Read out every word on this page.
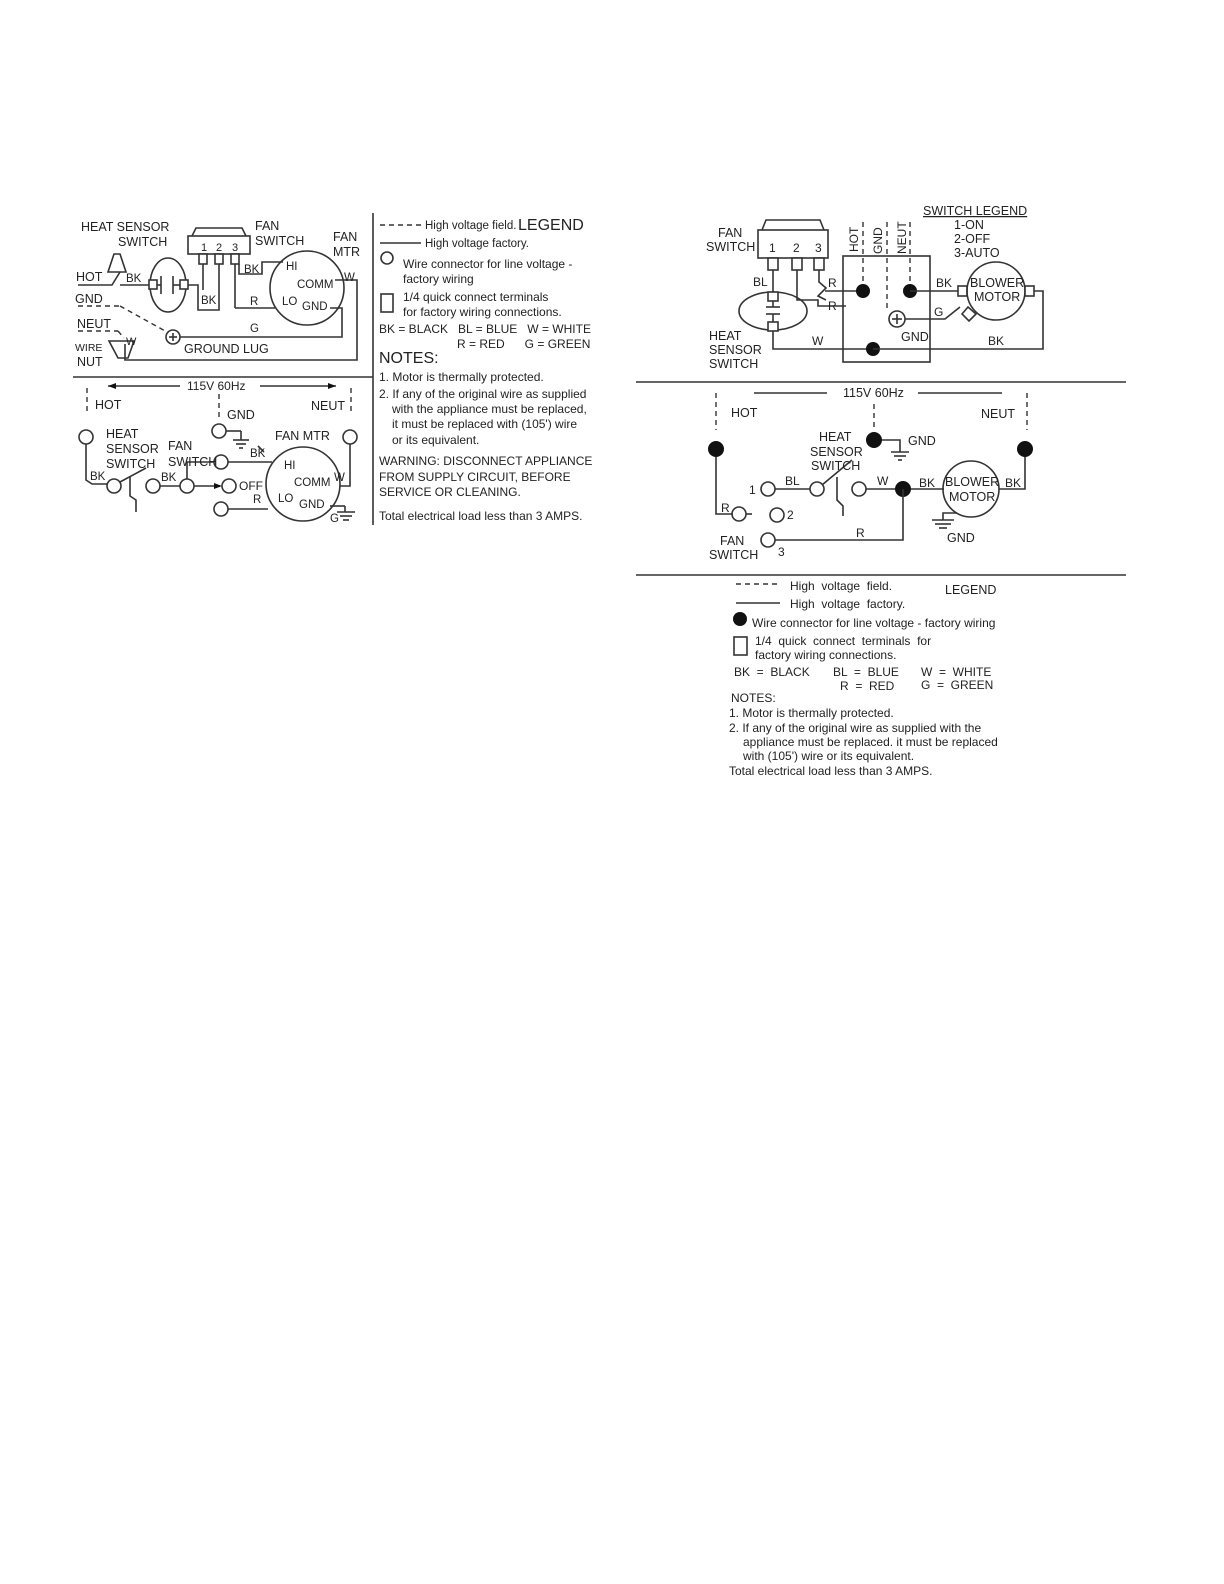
HEAT SENSOR
SWITCH
FAN
SWITCH FAN
MTR
1 2 3
HOT
GND
NEUT
WIRE
NUT
BK
BK
BK	R
G
W
W
HI
COMM
LO GND
GROUND LUG
115V 60Hz
HOT
GND
NEUT
FAN MTR
HEAT
SENSOR
SWITCH
FAN
SWITCH
BK	BK
BK
OFF
R
HI
COMM
LO GND
W
G
High voltage field. LEGEND
High voltage factory.
Wire connector for line voltage -
factory wiring
1/4 quick connect terminals
for factory wiring connections.
BK = BLACK   BL = BLUE   W = WHITE
R = RED      G = GREEN
NOTES:
1. Motor is thermally protected.
2. If any of the original wire as supplied
with the appliance must be replaced,
it must be replaced with (105') wire
or its equivalent.
WARNING: DISCONNECT APPLIANCE
FROM SUPPLY CIRCUIT, BEFORE
SERVICE OR CLEANING.
Total electrical load less than 3 AMPS.
FAN
SWITCH 1 2 3 HOT GND NEUT
SWITCH LEGEND
1-ON
2-OFF
3-AUTO
BL	R
R
BK
G
W	BK
BLOWER
MOTOR
HEAT
SENSOR
SWITCH
GND
115V 60Hz
HOT	NEUT
HEAT
SENSOR
SWITCH
GND
BL	W	BK	BK
BLOWER
MOTOR
R
R
1
2
3
FAN
SWITCH
GND
High  voltage  field.	LEGEND
High  voltage  factory.
Wire connector for line voltage - factory wiring
1/4  quick  connect  terminals  for
factory wiring connections.
BK  =  BLACK BL  =  BLUE W  =  WHITE
R  =  RED G  =  GREEN
NOTES:
1. Motor is thermally protected.
2. If any of the original wire as supplied with the
appliance must be replaced. it must be replaced
with (105') wire or its equivalent.
Total electrical load less than 3 AMPS.
